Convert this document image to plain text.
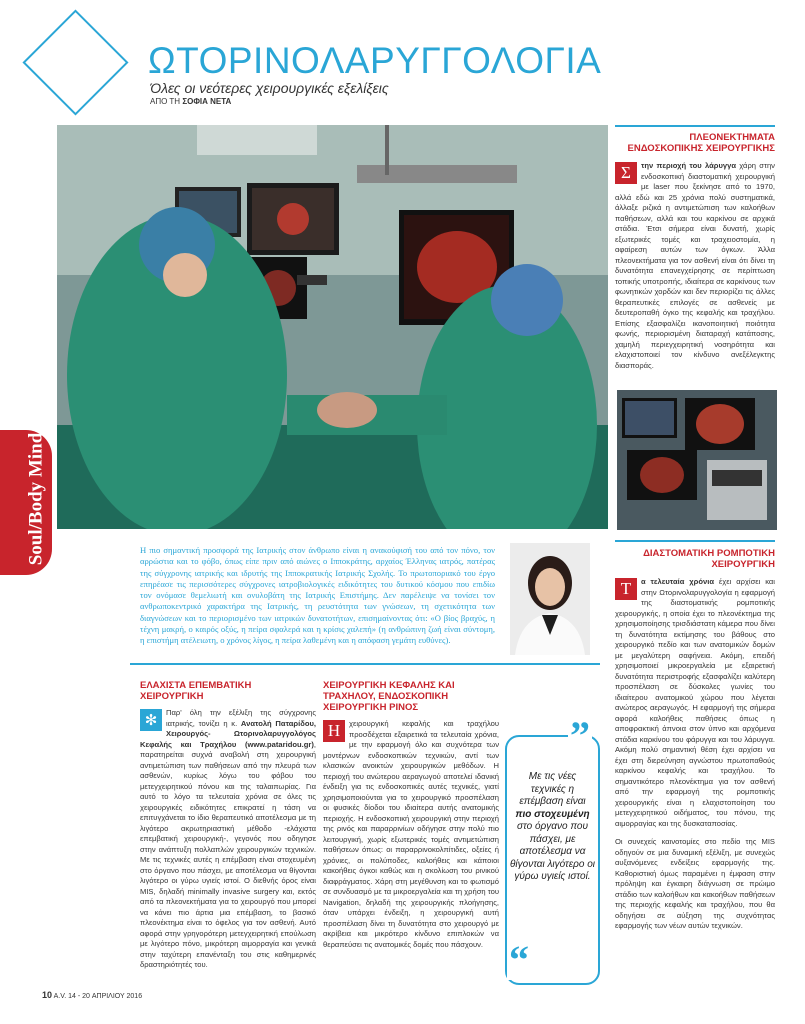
ΩΤΟΡΙΝΟΛΑΡΥΓΓΟΛΟΓΙΑ
Όλες οι νεότερες χειρουργικές εξελίξεις
ΑΠΟ ΤΗ ΣΟΦΙΑ ΝΕΤΑ
Soul/Body Mind	Η πιο σημαντική προσφορά της Ιατρικής στον άνθρωπο είναι η ανακούφισή του από τον πόνο, τον αρρώστια και το φόβο, όπως είπε πριν από αιώνες ο Ιπποκράτης, αρχαίος Έλληνας ιατρός, πατέρας της σύγχρονης ιατρικής και ιδρυτής της Ιπποκρατικής Ιατρικής Σχολής. Το πρωτοποριακό του έργο επηρέασε τις περισσότερες σύγχρονες ιατροβιολογικές ειδικότητες του δυτικού κόσμου που επιδίω τον ονόμασε θεμελιωτή και ονυλοβάτη της Ιατρικής Επιστήμης. Δεν παρέλειψε να τονίσει τον ανθρωποκεντρικό χαρακτήρα της Ιατρικής, τη ρευστότητα των γνώσεων, τη σχετικότητα των διαγνώσεων και το περιορισμένο των ιατρικών δυνατοτήτων, επισημαίνοντας ότι: «Ο βίος βραχύς, η τέχνη μακρή, ο καιρός οξύς, η πείρα σφαλερά και η κρίσις χαλεπή» (η ανθρώπινη ζωή είναι σύντομη, η επιστήμη ατέλειωτη, ο χρόνος λίγος, η πείρα λαθεμένη και η απόφαση γεμάτη ευθύνες).
ΕΛΑΧΙΣΤΑ ΕΠΕΜΒΑΤΙΚΗ ΧΕΙΡΟΥΡΓΙΚΗ
✻	Παρ' όλη την εξέλιξη της σύγχρονης ιατρικής, τονίζει η κ. Ανατολή Παταρίδου, Χειρουργός- Ωτορινολαρυγγολόγος Κεφαλής και Τραχήλου (www.pataridou.gr), παρατηρείται συχνά αναβολή στη χειρουργική αντιμετώπιση των παθήσεων από την πλευρά των ασθενών, κυρίως λόγω του φόβου του μετεγχειρητικού πόνου και της ταλαιπωρίας. Για αυτό το λόγο τα τελευταία χρόνια σε όλες τις χειρουργικές ειδικότητες επικρατεί η τάση να επιτυγχάνεται το ίδιο θεραπευτικό αποτέλεσμα με τη λιγότερο ακρωτηριαστική μέθοδο -ελάχιστα επεμβατική χειρουργική-, γεγονός που οδηγησε στην ανάπτυξη πολλαπλών χειρουργικών τεχνικών. Με τις τεχνικές αυτές η επέμβαση είναι στοχευμένη στο όργανο που πάσχει, με αποτέλεσμα να θίγονται λιγότερο οι γύρω υγιείς ιστοί. Ο διεθνής όρος είναι MIS, δηλαδή minimally invasive surgery και, εκτός από τα πλεονεκτήματα για το χειρουργό που μπορεί να κάνει πιο άρτια μια επέμβαση, το βασικό πλεονέκτημα είναι το όφελος για τον ασθενή. Αυτό αφορά στην γρηγορότερη μετεγχειρητική επούλωση με λιγότερο πόνο, μικρότερη αιμορραγία και γενικά στην ταχύτερη επανένταξη του στις καθημερινές δραστηριότητές του.
ΧΕΙΡΟΥΡΓΙΚΗ ΚΕΦΑΛΗΣ ΚΑΙ ΤΡΑΧΗΛΟΥ, ΕΝΔΟΣΚΟΠΙΚΗ ΧΕΙΡΟΥΡΓΙΚΗ ΡΙΝΟΣ
Η	χειρουργική κεφαλής και τραχήλου προσδέχεται εξαιρετικά τα τελευταία χρόνια, με την εφαρμογή όλο και συχνότερα των μοντέρνων ενδοσκοπικών τεχνικών, αντί των κλασικών ανοικτών χειρουργικών μεθόδων. Η περιοχή του ανώτερου αεραγωγού αποτελεί ιδανική ένδειξη για τις ενδοσκοπικές αυτές τεχνικές, γιατί χρησιμοποιούνται για το χειρουργικό προσπέλαση οι φυσικές δίοδοι του ιδιαίτερα αυτής ανατομικής περιοχής. Η ενδοσκοπική χειρουργική στην περιοχή της ρινός και παραρρινίων οδήγησε στην πολύ πιο λειτουργική, χωρίς εξωτερικές τομές αντιμετώπιση παθήσεων όπως: οι παραρρινοκολπίτιδες, οξείες ή χρόνιες, οι πολύποδες, καλοήθεις και κάποιοι κακοήθεις όγκοι καθώς και η σκολίωση του ρινικού διαφράγματος. Χάρη στη μεγέθυνση και το φωτισμό σε συνδυασμό με τα μικροεργαλεία και τη χρήση του Navigation, δηλαδή της χειρουργικής πλοήγησης, όταν υπάρχει ένδειξη, η χειρουργική αυτή προσπέλαση δίνει τη δυνατότητα στο χειρουργό με ακρίβεια και μικρότερο κίνδυνο επιπλοκών να θεραπεύσει τις ανατομικές δομές που πάσχουν.
”
Με τις νέες τεχνικές η επέμβαση είναι πιο στοχευμένη στο όργανο που πάσχει, με αποτέλεσμα να θίγονται λιγότερο οι γύρω υγιείς ιστοί.
“
ΠΛΕΟΝΕΚΤΗΜΑΤΑ ΕΝΔΟΣΚΟΠΙΚΗΣ ΧΕΙΡΟΥΡΓΙΚΗΣ
Σ	την περιοχή του λάρυγγα χάρη στην ενδοσκοπική διαστοματική χειρουργική με laser που ξεκίνησε από το 1970, αλλά εδώ και 25 χρόνια πολύ συστηματικά, άλλαξε ριζικά η αντιμετώπιση των καλοήθων παθήσεων, αλλά και του καρκίνου σε αρχικά στάδια. Έτσι σήμερα είναι δυνατή, χωρίς εξωτερικές τομές και τραχειοστομία, η αφαίρεση αυτών των όγκων. Άλλα πλεονεκτήματα για τον ασθενή είναι ότι δίνει τη δυνατότητα επανεγχείρησης σε περίπτωση τοπικής υποτροπής, ιδιαίτερα σε καρκίνους των φωνητικών χορδών και δεν περιορίζει τις άλλες θεραπευτικές επιλογές σε ασθενείς με δευτεροπαθή όγκο της κεφαλής και τραχήλου. Επίσης εξασφαλίζει ικανοποιητική ποιότητα φωνής, περιορισμένη διαταραχή κατάποσης, χαμηλή περιεγχειρητική νοσηρότητα και ελαχιστοποιεί τον κίνδυνο ανεξέλεγκτης διασποράς.
ΔΙΑΣΤΟΜΑΤΙΚΗ ΡΟΜΠΟΤΙΚΗ ΧΕΙΡΟΥΡΓΙΚΗ
Τ	α τελευταία χρόνια έχει αρχίσει και στην Ωτορινολαρυγγολογία η εφαρμογή της διαστοματικής ρομποτικής χειρουργικής, η οποία έχει το πλεονέκτημα της χρησιμοποίησης τρισδιάστατη κάμερα που δίνει τη δυνατότητα εκτίμησης του βάθους στο χειρουργικό πεδίο και των ανατομικών δομών με μεγαλύτερη σαφήνεια. Ακόμη, επειδή χρησιμοποιεί μικροεργαλεία με εξαιρετική δυνατότητα περιστροφής εξασφαλίζει καλύτερη προσπέλαση σε δύσκολες γωνίες του ιδιαίτερου ανατομικού χώρου που λέγεται ανώτερος αεραγωγός. Η εφαρμογή της σήμερα αφορά καλοήθεις παθήσεις όπως η αποφρακτική άπνοια στον ύπνο και αρχόμενα στάδια καρκίνου του φάρυγγα και του λάρυγγα. Ακόμη πολύ σημαντική θέση έχει αρχίσει να έχει στη διερεύνηση αγνώστου πρωτοπαθούς καρκίνου κεφαλής και τραχήλου. Το σημαντικότερο πλεονέκτημα για τον ασθενή από την εφαρμογή της ρομποτικής χειρουργικής είναι η ελαχιστοποίηση του μετεγχειρητικού οιδήματος, του πόνου, της αιμορραγίας και της δυσκαταποσίας.
Οι συνεχείς καινοτομίες στο πεδίο της MIS οδηγούν σε μια δυναμική εξέλιξη, με συνεχώς αυξανόμενες ενδείξεις εφαρμογής της. Καθοριστική όμως παραμένει η έμφαση στην πρόληψη και έγκαιρη διάγνωση σε πρώιμο στάδιο των καλοήθων και κακοήθων παθήσεων της περιοχής κεφαλής και τραχήλου, που θα οδηγήσει σε αύξηση της συχνότητας εφαρμογής των νέων αυτών τεχνικών.
10 Α.V. 14 - 20 ΑΠΡΙΛΙΟΥ 2016
